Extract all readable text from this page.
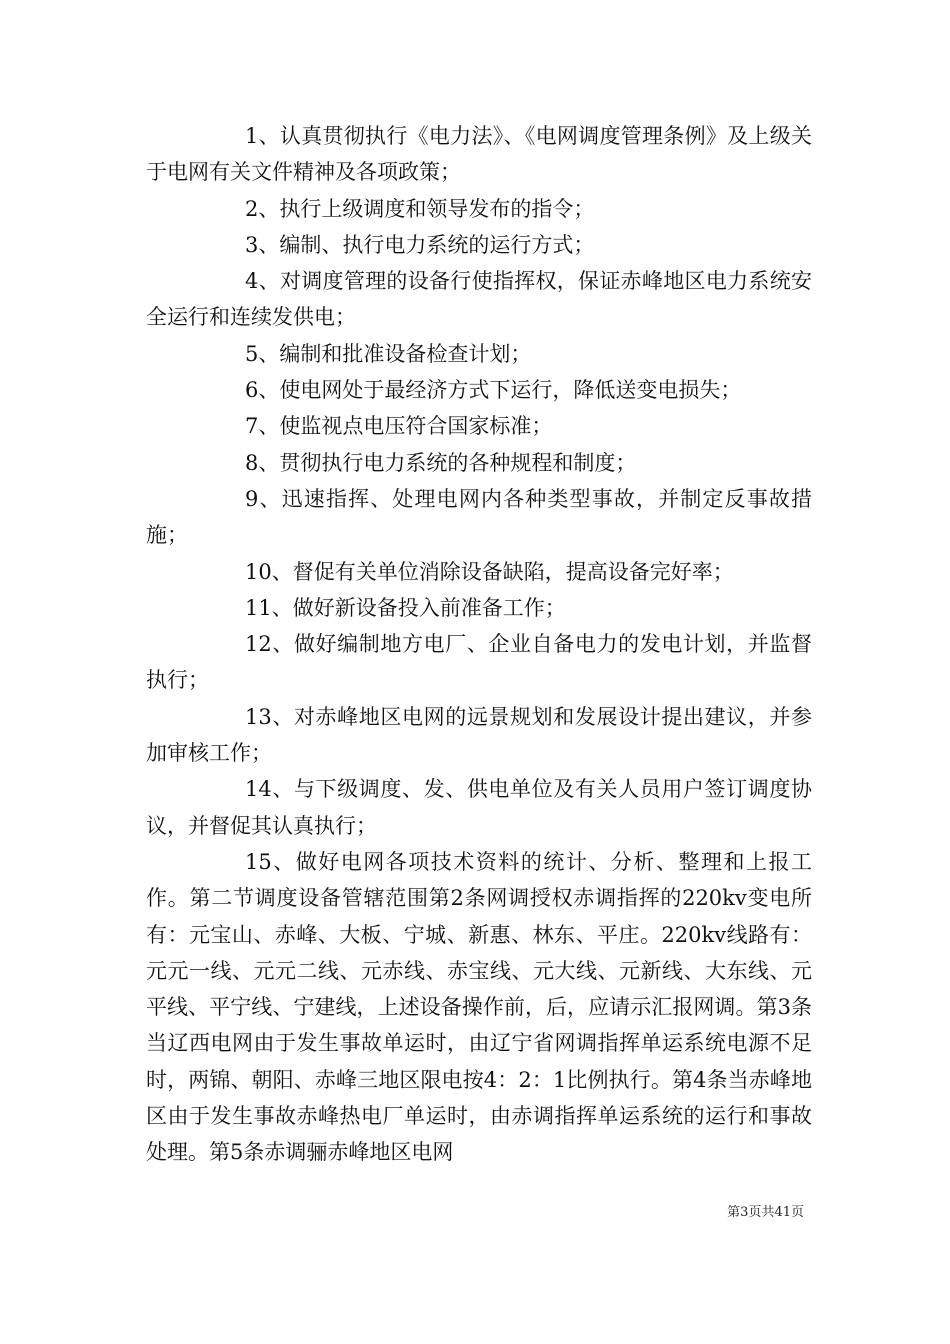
1、认真贯彻执行《电力法》、《电网调度管理条例》及上级关于电网有关文件精神及各项政策；

2、执行上级调度和领导发布的指令；

3、编制、执行电力系统的运行方式；

4、对调度管理的设备行使指挥权，保证赤峰地区电力系统安全运行和连续发供电；

5、编制和批准设备检查计划；

6、使电网处于最经济方式下运行，降低送变电损失；

7、使监视点电压符合国家标准；

8、贯彻执行电力系统的各种规程和制度；

9、迅速指挥、处理电网内各种类型事故，并制定反事故措施；

10、督促有关单位消除设备缺陷，提高设备完好率；

11、做好新设备投入前准备工作；

12、做好编制地方电厂、企业自备电力的发电计划，并监督执行；

13、对赤峰地区电网的远景规划和发展设计提出建议，并参加审核工作；

14、与下级调度、发、供电单位及有关人员用户签订调度协议，并督促其认真执行；

15、做好电网各项技术资料的统计、分析、整理和上报工作。第二节调度设备管辖范围第2条网调授权赤调指挥的220kv变电所有：元宝山、赤峰、大板、宁城、新惠、林东、平庄。220kv线路有：元元一线、元元二线、元赤线、赤宝线、元大线、元新线、大东线、元平线、平宁线、宁建线，上述设备操作前，后，应请示汇报网调。第3条当辽西电网由于发生事故单运时，由辽宁省网调指挥单运系统电源不足时，两锦、朝阳、赤峰三地区限电按4：2：1比例执行。第4条当赤峰地区由于发生事故赤峰热电厂单运时，由赤调指挥单运系统的运行和事故处理。第5条赤调骊赤峰地区电网

第3页共41页
